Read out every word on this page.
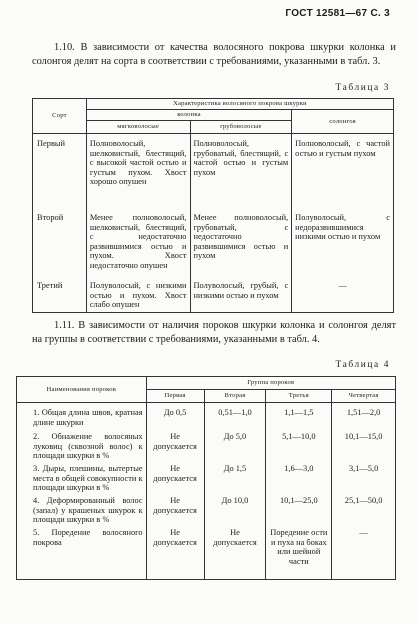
ГОСТ 12581—67 С. 3

1.10. В зависимости от качества волосяного покрова шкурки колонка и солонгоя делят на сорта в соответствии с требованиями, указанными в табл. 3.

Таблица 3
Сорт	Характеристика волосяного покрова шкурки		
	колонка		солонгоя
	мягковолосые	грубоволосые	
Первый	Полноволосый, шелковистый, блестящий, с высокой частой остью и густым пухом. Хвост хорошо опушен	Полноволосый, грубоватый, блестящий, с частой остью и густым пухом	Полноволосый, с частой остью и густым пухом
Второй	Менее полноволосый, шелковистый, блестящий, с недостаточно развившимися остью и пухом. Хвост недостаточно опушен	Менее полноволосый, грубоватый, с недостаточно развившимися остью и пухом	Полуволосый, с недоразвившимися низкими остью и пухом
Третий	Полуволосый, с низкими остью и пухом. Хвост слабо опушен	Полуволосый, грубый, с низкими остью и пухом	—

1.11. В зависимости от наличия пороков шкурки колонка и солонгоя делят на группы в соответствии с требованиями, указанными в табл. 4.

Таблица 4
Наименования пороков	Группа пороков			
	Первая	Вторая	Третья	Четвертая
1. Общая длина швов, кратная длине шкурки	До 0,5	0,51—1,0	1,1—1,5	1,51—2,0
2. Обнажение волосяных луковиц (сквозной волос) к площади шкурки в %	Не допускается	До 5,0	5,1—10,0	10,1—15,0
3. Дыры, плешины, вытертые места в общей совокупности к площади шкурки в %	Не допускается	До 1,5	1,6—3,0	3,1—5,0
4. Деформированный волос (запал) у крашеных шкурок к площади шкурки в %	Не допускается	До 10,0	10,1—25,0	25,1—50,0
5. Поредение волосяного покрова	Не допускается	Не допускается	Поредение ости и пуха на боках или шейной части	—
